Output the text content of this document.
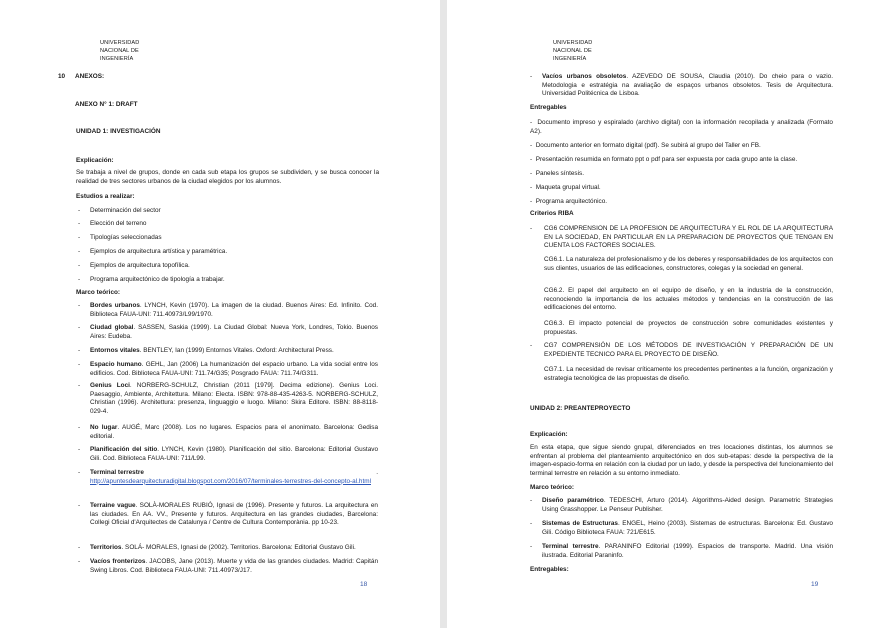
UNIVERSIDAD
NACIONAL DE
INGENIERÍA
10 ANEXOS:
ANEXO N° 1: DRAFT
UNIDAD 1: INVESTIGACIÓN
Explicación:
Se trabaja a nivel de grupos, donde en cada sub etapa los grupos se subdividen, y se busca conocer la realidad de tres sectores urbanos de la ciudad elegidos por los alumnos.
Estudios a realizar:
- Determinación del sector
- Elección del terreno
- Tipologías seleccionadas
- Ejemplos de arquitectura artística y paramétrica.
- Ejemplos de arquitectura topofílica.
- Programa arquitectónico de tipología a trabajar.
Marco teórico:
- Bordes urbanos. LYNCH, Kevin (1970). La imagen de la ciudad. Buenos Aires: Ed. Infinito. Cod. Biblioteca FAUA-UNI: 711.40973/L99/1970.
- Ciudad global. SASSEN, Saskia (1999). La Ciudad Global: Nueva York, Londres, Tokio. Buenos Aires: Eudeba.
- Entornos vitales. BENTLEY, Ian (1999) Entornos Vitales. Oxford: Architectural Press.
- Espacio humano. GEHL, Jan (2006) La humanización del espacio urbano. La vida social entre los edificios. Cod. Biblioteca FAUA-UNI: 711.74/G35; Posgrado FAUA: 711.74/G311.
- Genius Loci. NORBERG-SCHULZ, Christian (2011 [1979]. Decima edizione). Genius Loci. Paesaggio, Ambiente, Architettura. Milano: Electa. ISBN: 978-88-435-4263-5. NORBERG-SCHULZ, Christian (1996). Architettura: presenza, linguaggio e luogo. Milano: Skira Editore. ISBN: 88-8118-029-4.
- No lugar. AUGÉ, Marc (2008). Los no lugares. Espacios para el anonimato. Barcelona: Gedisa editorial.
- Planificación del sitio. LYNCH, Kevin (1980). Planificación del sitio. Barcelona: Editorial Gustavo Gili. Cod. Biblioteca FAUA-UNI: 711/L99.
- Terminal terrestre	.
http://apuntesdearquitecturadigital.blogspot.com/2016/07/terminales-terrestres-del-concepto-al.html
- Terraine vague. SOLÀ-MORALES RUBIÓ, Ignasi de (1996). Presente y futuros. La arquitectura en las ciudades. En AA. VV., Presente y futuros. Arquitectura en las grandes ciudades, Barcelona: Collegi Oficial d'Arquitectes de Catalunya / Centre de Cultura Contemporània. pp 10-23.
- Territorios. SOLÁ- MORALES, Ignasi de (2002). Territorios. Barcelona: Editorial Gustavo Gili.
- Vacíos fronterizos. JACOBS, Jane (2013). Muerte y vida de las grandes ciudades. Madrid: Capitán Swing Libros. Cod. Biblioteca FAUA-UNI: 711.40973/J17.
18
UNIVERSIDAD
NACIONAL DE
INGENIERÍA
- Vacíos urbanos obsoletos. AZEVEDO DE SOUSA, Claudia (2010). Do cheio para o vazio. Metodologia e estratégia na avaliação de espaços urbanos obsoletos. Tesis de Arquitectura. Universidad Politécnica de Lisboa.
Entregables
-  Documento impreso y espiralado (archivo digital) con la información recopilada y analizada (Formato A2).
-  Documento anterior en formato digital (pdf). Se subirá al grupo del Taller en FB.
-  Presentación resumida en formato ppt o pdf para ser expuesta por cada grupo ante la clase.
-  Paneles síntesis.
-  Maqueta grupal virtual.
-  Programa arquitectónico.
Criterios RIBA
- CG6 COMPRENSION DE LA PROFESION DE ARQUITECTURA Y EL ROL DE LA ARQUITECTURA EN LA SOCIEDAD, EN PARTICULAR EN LA PREPARACION DE PROYECTOS QUE TENGAN EN CUENTA LOS FACTORES SOCIALES.
CG6.1. La naturaleza del profesionalismo y de los deberes y responsabilidades de los arquitectos con sus clientes, usuarios de las edificaciones, constructores, colegas y la sociedad en general.
CG6.2. El papel del arquitecto en el equipo de diseño, y en la industria de la construcción, reconociendo la importancia de los actuales métodos y tendencias en la construcción de las edificaciones del entorno.
CG6.3. El impacto potencial de proyectos de construcción sobre comunidades existentes y propuestas.
- CG7 COMPRENSIÓN DE LOS MÉTODOS DE INVESTIGACIÓN Y PREPARACIÓN DE UN EXPEDIENTE TECNICO PARA EL PROYECTO DE DISEÑO.
CG7.1. La necesidad de revisar críticamente los precedentes pertinentes a la función, organización y estrategia tecnológica de las propuestas de diseño.
UNIDAD 2: PREANTEPROYECTO
Explicación:
En esta etapa, que sigue siendo grupal, diferenciados en tres locaciones distintas, los alumnos se enfrentan al problema del planteamiento arquitectónico en dos sub-etapas: desde la perspectiva de la imagen-espacio-forma en relación con la ciudad por un lado, y desde la perspectiva del funcionamiento del terminal terrestre en relación a su entorno inmediato.
Marco teórico:
- Diseño paramétrico. TEDESCHI, Arturo (2014). Algorithms-Aided design. Parametric Strategies Using Grasshopper. Le Penseur Publisher.
- Sistemas de Estructuras. ENGEL, Heino (2003). Sistemas de estructuras. Barcelona: Ed. Gustavo Gili. Código Biblioteca FAUA: 721/E615.
- Terminal terrestre. PARANINFO Editorial (1999). Espacios de transporte. Madrid. Una visión ilustrada. Editorial Paraninfo.
Entregables:
19
